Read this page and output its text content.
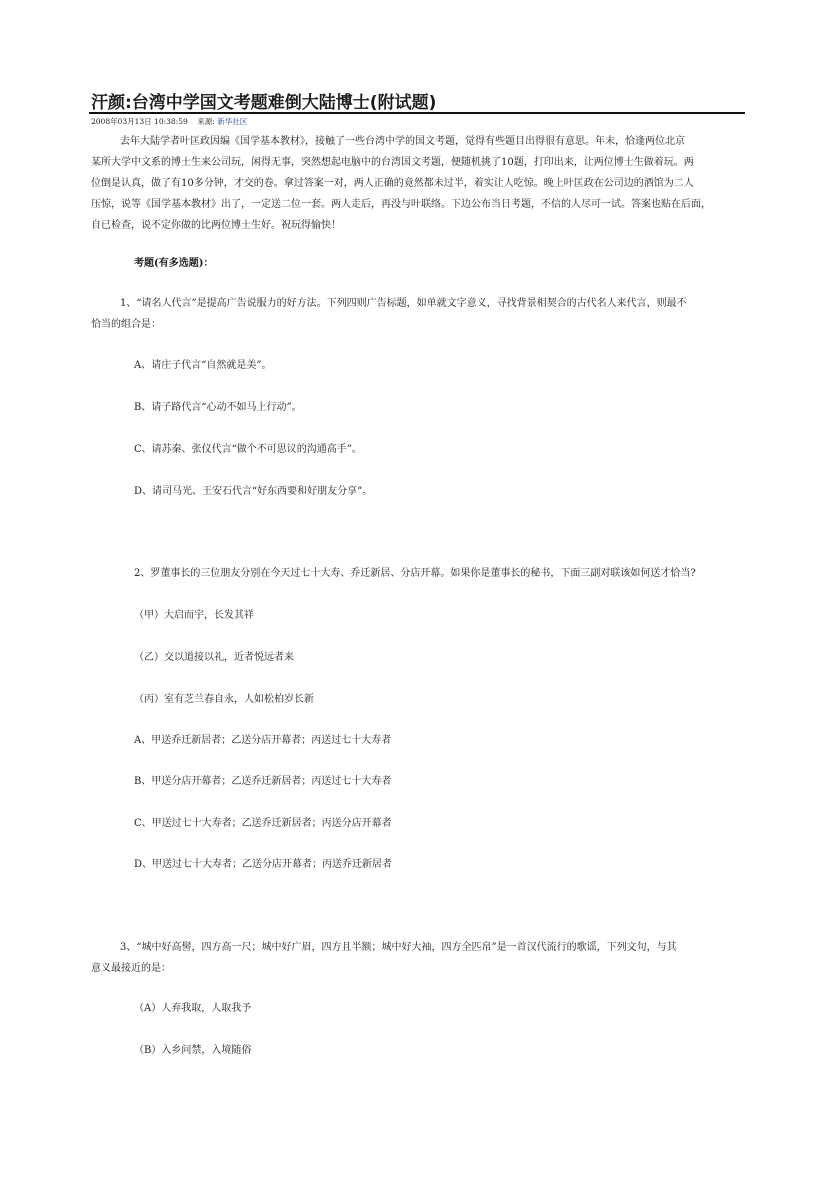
汗颜:台湾中学国文考题难倒大陆博士(附试题)
2008年03月13日 10:38:59 来源: 新华社区
去年大陆学者叶匡政因编《国学基本教材》，接触了一些台湾中学的国文考题，觉得有些题目出得很有意思。年末，恰逢两位北京
某所大学中文系的博士生来公司玩，闲得无事，突然想起电脑中的台湾国文考题，便随机挑了10题，打印出来，让两位博士生做着玩。两
位倒是认真，做了有10多分钟，才交的卷。拿过答案一对，两人正确的竟然都未过半，着实让人吃惊。晚上叶匡政在公司边的酒馆为二人
压惊，说等《国学基本教材》出了，一定送二位一套。两人走后，再没与叶联络。下边公布当日考题，不信的人尽可一试。答案也贴在后面，
自已检查，说不定你做的比两位博士生好。祝玩得愉快！
考题(有多选题)：
1、“请名人代言”是提高广告说服力的好方法。下列四则广告标题，如单就文字意义，寻找背景相契合的古代名人来代言，则最不
恰当的组合是：
A、请庄子代言“自然就是美”。
B、请子路代言“心动不如马上行动”。
C、请苏秦、张仪代言“做个不可思议的沟通高手”。
D、请司马光、王安石代言“好东西要和好朋友分享”。
2、罗董事长的三位朋友分别在今天过七十大寿、乔迁新居、分店开幕。如果你是董事长的秘书，下面三副对联该如何送才恰当?
（甲）大启而宇，长发其祥
（乙）交以道接以礼，近者悦远者来
（丙）室有芝兰春自永，人如松柏岁长新
A、甲送乔迁新居者；乙送分店开幕者；丙送过七十大寿者
B、甲送分店开幕者；乙送乔迁新居者；丙送过七十大寿者
C、甲送过七十大寿者；乙送乔迁新居者；丙送分店开幕者
D、甲送过七十大寿者；乙送分店开幕者；丙送乔迁新居者
3、“城中好高髻，四方高一尺；城中好广眉，四方且半额；城中好大袖，四方全匹帛”是一首汉代流行的歌谣，下列文句，与其
意义最接近的是：
（A）人弃我取，人取我予
（B）入乡问禁，入境随俗
